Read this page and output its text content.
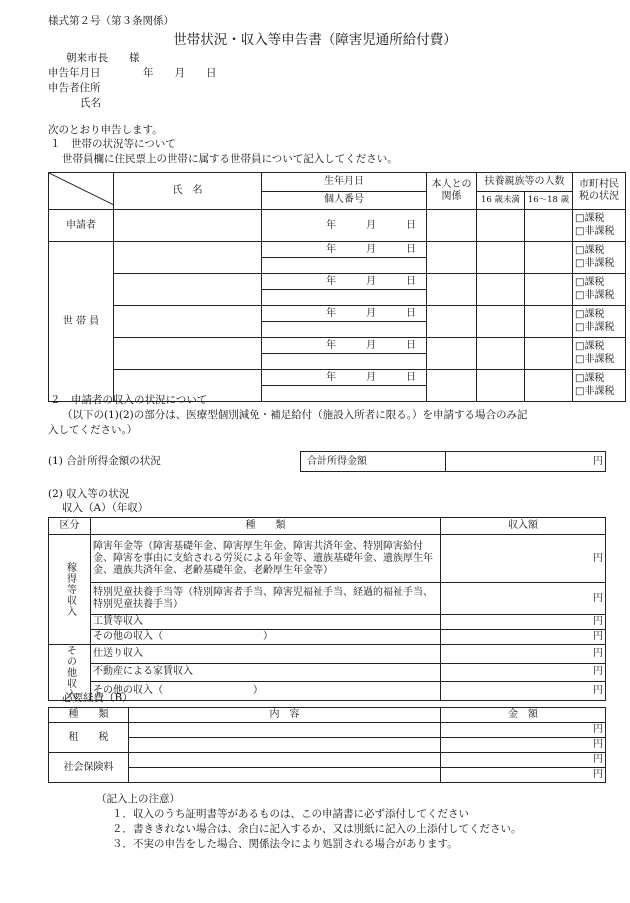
様式第２号（第３条関係）
世帯状況・収入等申告書（障害児通所給付費）
朝来市長　　様
申告年月日	年　　月　　日
申告者住所
氏名
次のとおり申告します。
１　世帯の状況等について
世帯員欄に住民票上の世帯に属する世帯員について記入してください。
	氏　名	生年月日	本人との関係	扶養親族等の人数		市町村民税の状況
		個人番号		16 歳未満	16～18 歳	
申請者		年　　　月　　　日				□課税
□非課税

世 帯 員		年　　　月　　　日				□課税
□非課税

		年　　　月　　　日				□課税
□非課税

		年　　　月　　　日				□課税
□非課税

		年　　　月　　　日				□課税
□非課税

		年　　　月　　　日				□課税
□非課税

２　申請者の収入の状況について
（以下の(1)(2)の部分は、医療型個別減免・補足給付（施設入所者に限る。）を申請する場合のみ記
入してください。）
(1) 合計所得金額の状況	合計所得金額	円
(2) 収入等の状況
収入（A）（年収）
区分	種　　類	収入額

稼得等収入	障害年金等（障害基礎年金、障害厚生年金、障害共済年金、特別障害給付金、障害を事由に支給される労災による年金等、遺族基礎年金、遺族厚生年金、遺族共済年金、老齢基礎年金、老齢厚生年金等）	円
	特別児童扶養手当等（特別障害者手当、障害児福祉手当、経過的福祉手当、特別児童扶養手当）	円
	工賃等収入	円
	その他の収入（　　　　　　　　　　）	円

その他収入	仕送り収入	円
	不動産による家賃収入	円
	その他の収入（　　　　　　　　　）	円
必要経費（B）
種　　類	内　容	金　額
租　　税		円
		円
社会保険料		円
		円
（記入上の注意）
１．収入のうち証明書等があるものは、この申請書に必ず添付してください
２．書ききれない場合は、余白に記入するか、又は別紙に記入の上添付してください。
３．不実の申告をした場合、関係法令により処罰される場合があります。
